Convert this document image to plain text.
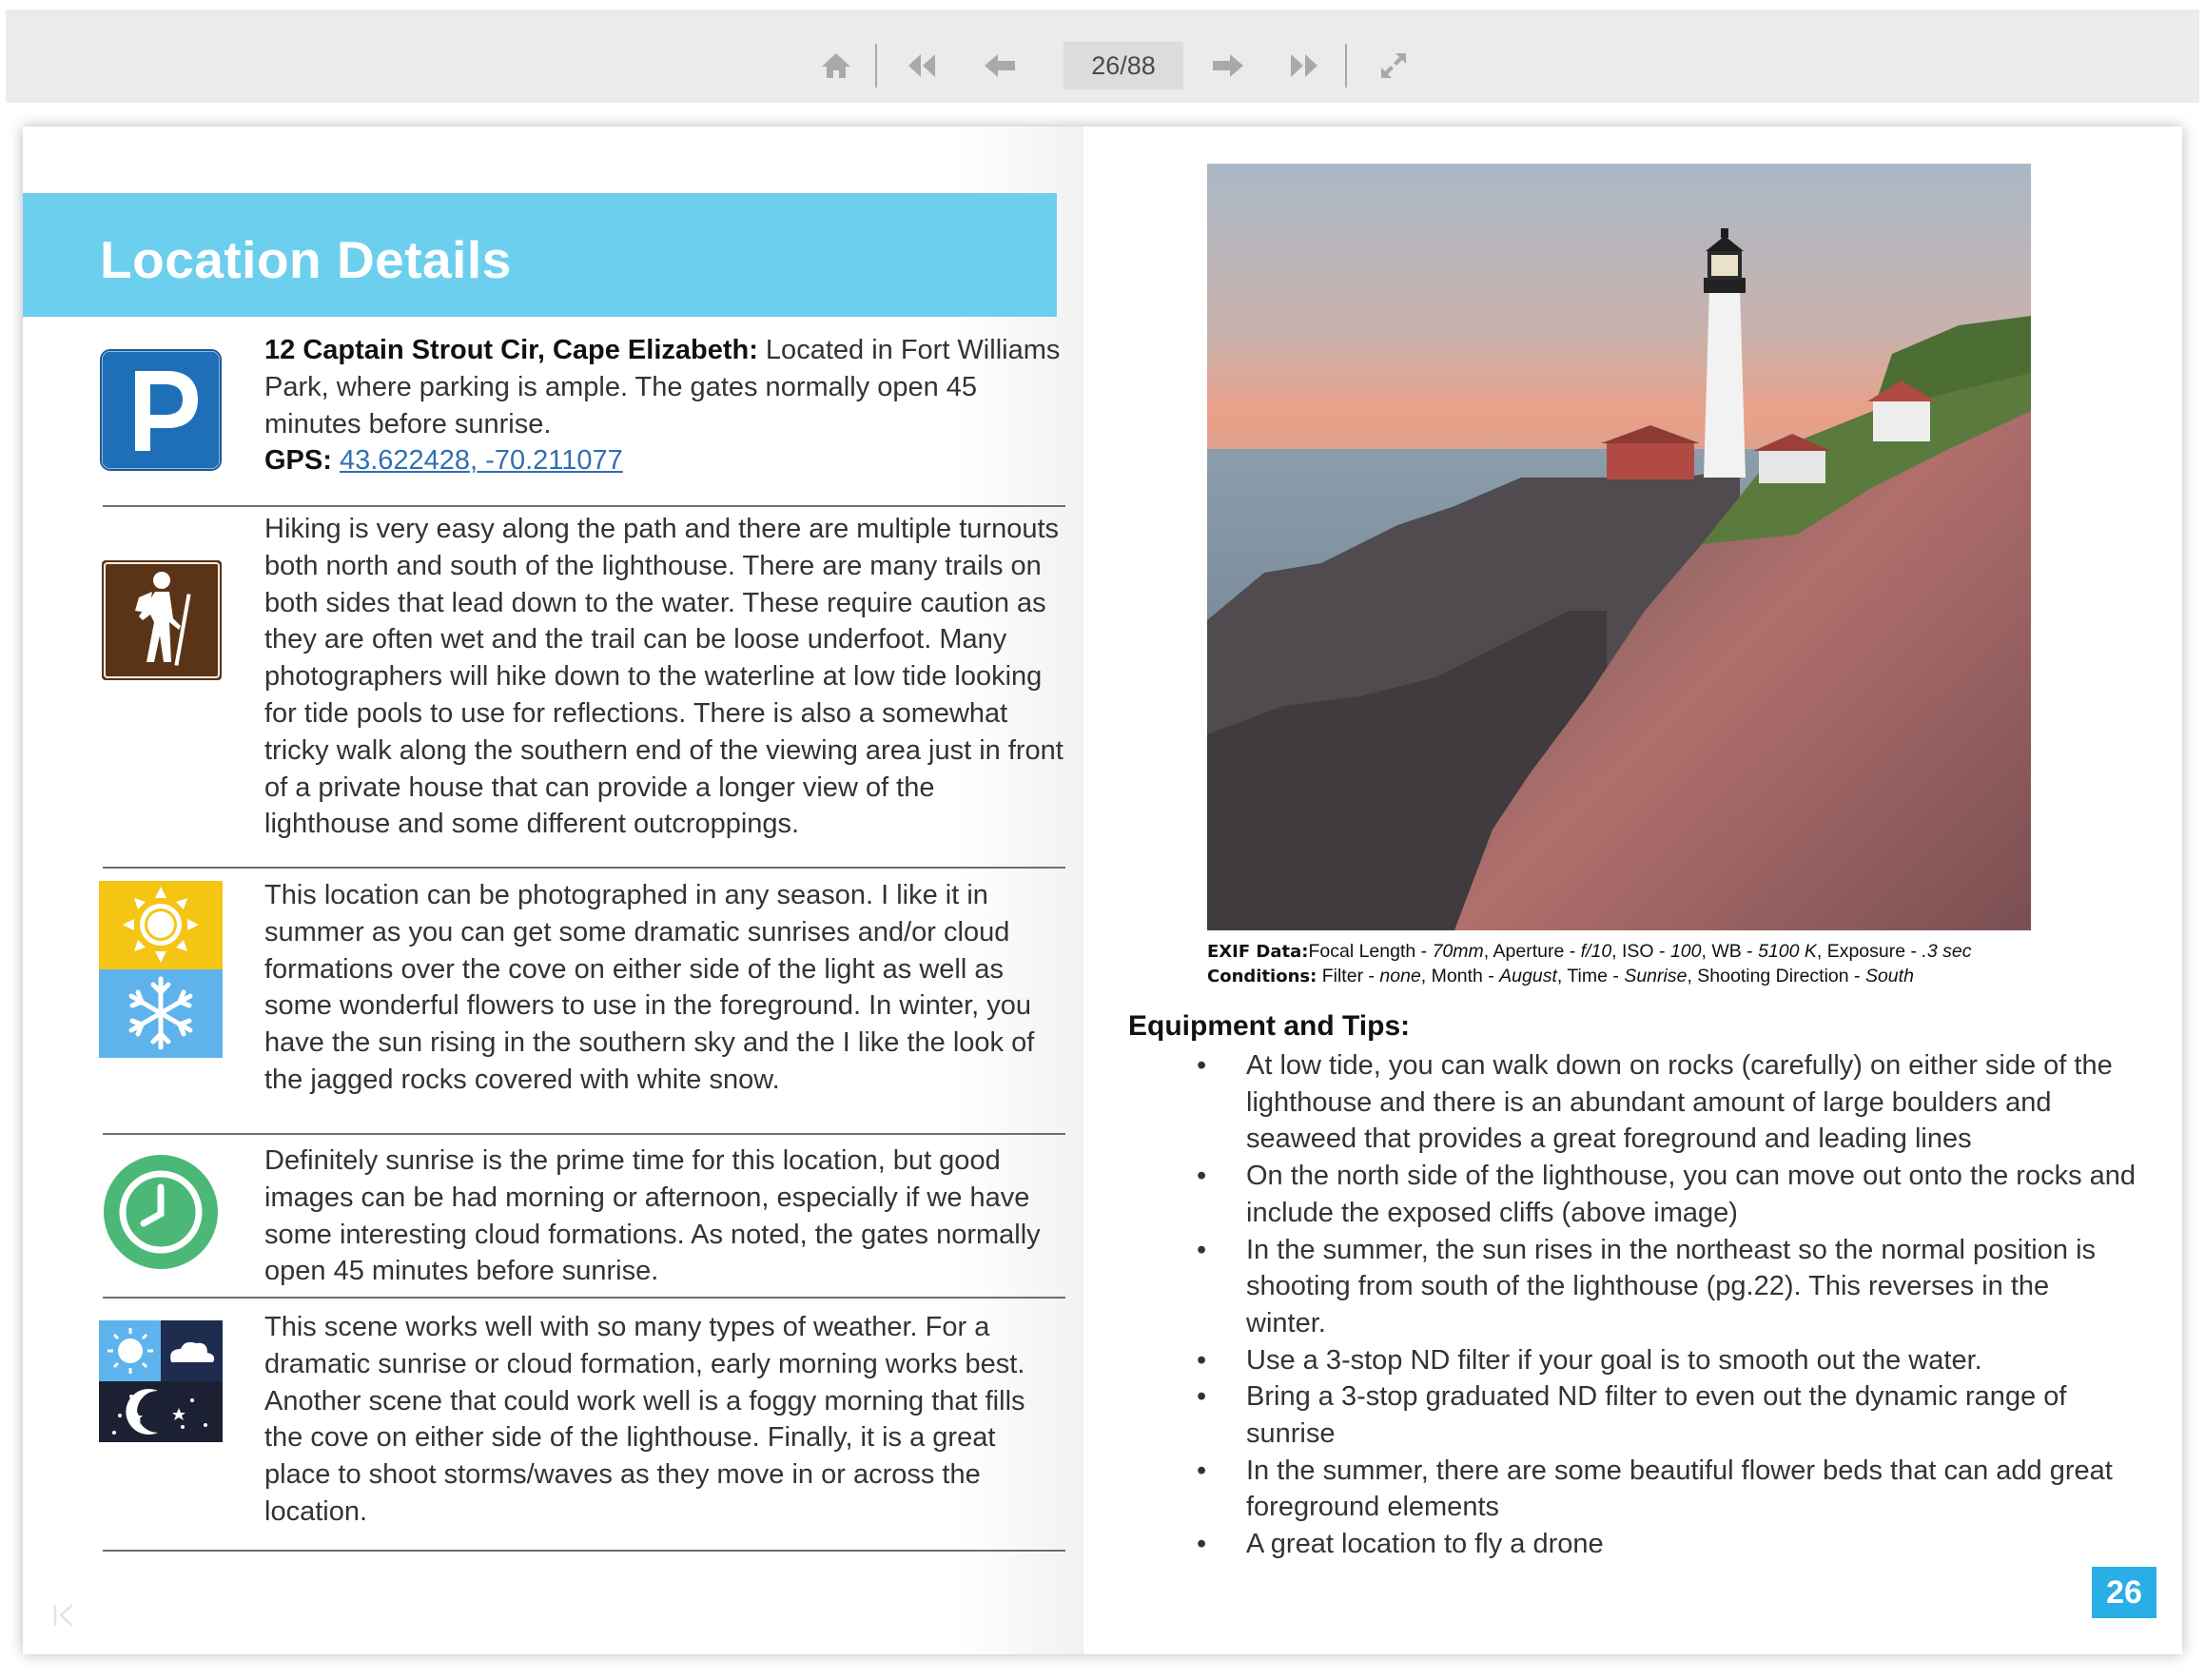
26/88
Location Details
12 Captain Strout Cir, Cape Elizabeth: Located in Fort Williams Park, where parking is ample. The gates normally open 45 minutes before sunrise.
GPS: 43.622428, -70.211077
Hiking is very easy along the path and there are multiple turnouts both north and south of the lighthouse. There are many trails on both sides that lead down to the water. These require caution as they are often wet and the trail can be loose underfoot. Many photographers will hike down to the waterline at low tide looking for tide pools to use for reflections. There is also a somewhat tricky walk along the southern end of the viewing area just in front of a private house that can provide a longer view of the lighthouse and some different outcroppings.
This location can be photographed in any season. I like it in summer as you can get some dramatic sunrises and/or cloud formations over the cove on either side of the light as well as some wonderful flowers to use in the foreground. In winter, you have the sun rising in the southern sky and the I like the look of the jagged rocks covered with white snow.
Definitely sunrise is the prime time for this location, but good images can be had morning or afternoon, especially if we have some interesting cloud formations. As noted, the gates normally open 45 minutes before sunrise.
This scene works well with so many types of weather. For a dramatic sunrise or cloud formation, early morning works best. Another scene that could work well is a foggy morning that fills the cove on either side of the lighthouse. Finally, it is a great place to shoot storms/waves as they move in or across the location.
EXIF Data:Focal Length - 70mm, Aperture - f/10, ISO - 100, WB - 5100 K, Exposure - .3 sec
Conditions: Filter - none, Month - August, Time - Sunrise, Shooting Direction - South
Equipment and Tips:
• At low tide, you can walk down on rocks (carefully) on either side of the lighthouse and there is an abundant amount of large boulders and seaweed that provides a great foreground and leading lines
• On the north side of the lighthouse, you can move out onto the rocks and include the exposed cliffs (above image)
• In the summer, the sun rises in the northeast so the normal position is shooting from south of the lighthouse (pg.22). This reverses in the winter.
• Use a 3-stop ND filter if your goal is to smooth out the water.
• Bring a 3-stop graduated ND filter to even out the dynamic range of sunrise
• In the summer, there are some beautiful flower beds that can add great foreground elements
• A great location to fly a drone
26
